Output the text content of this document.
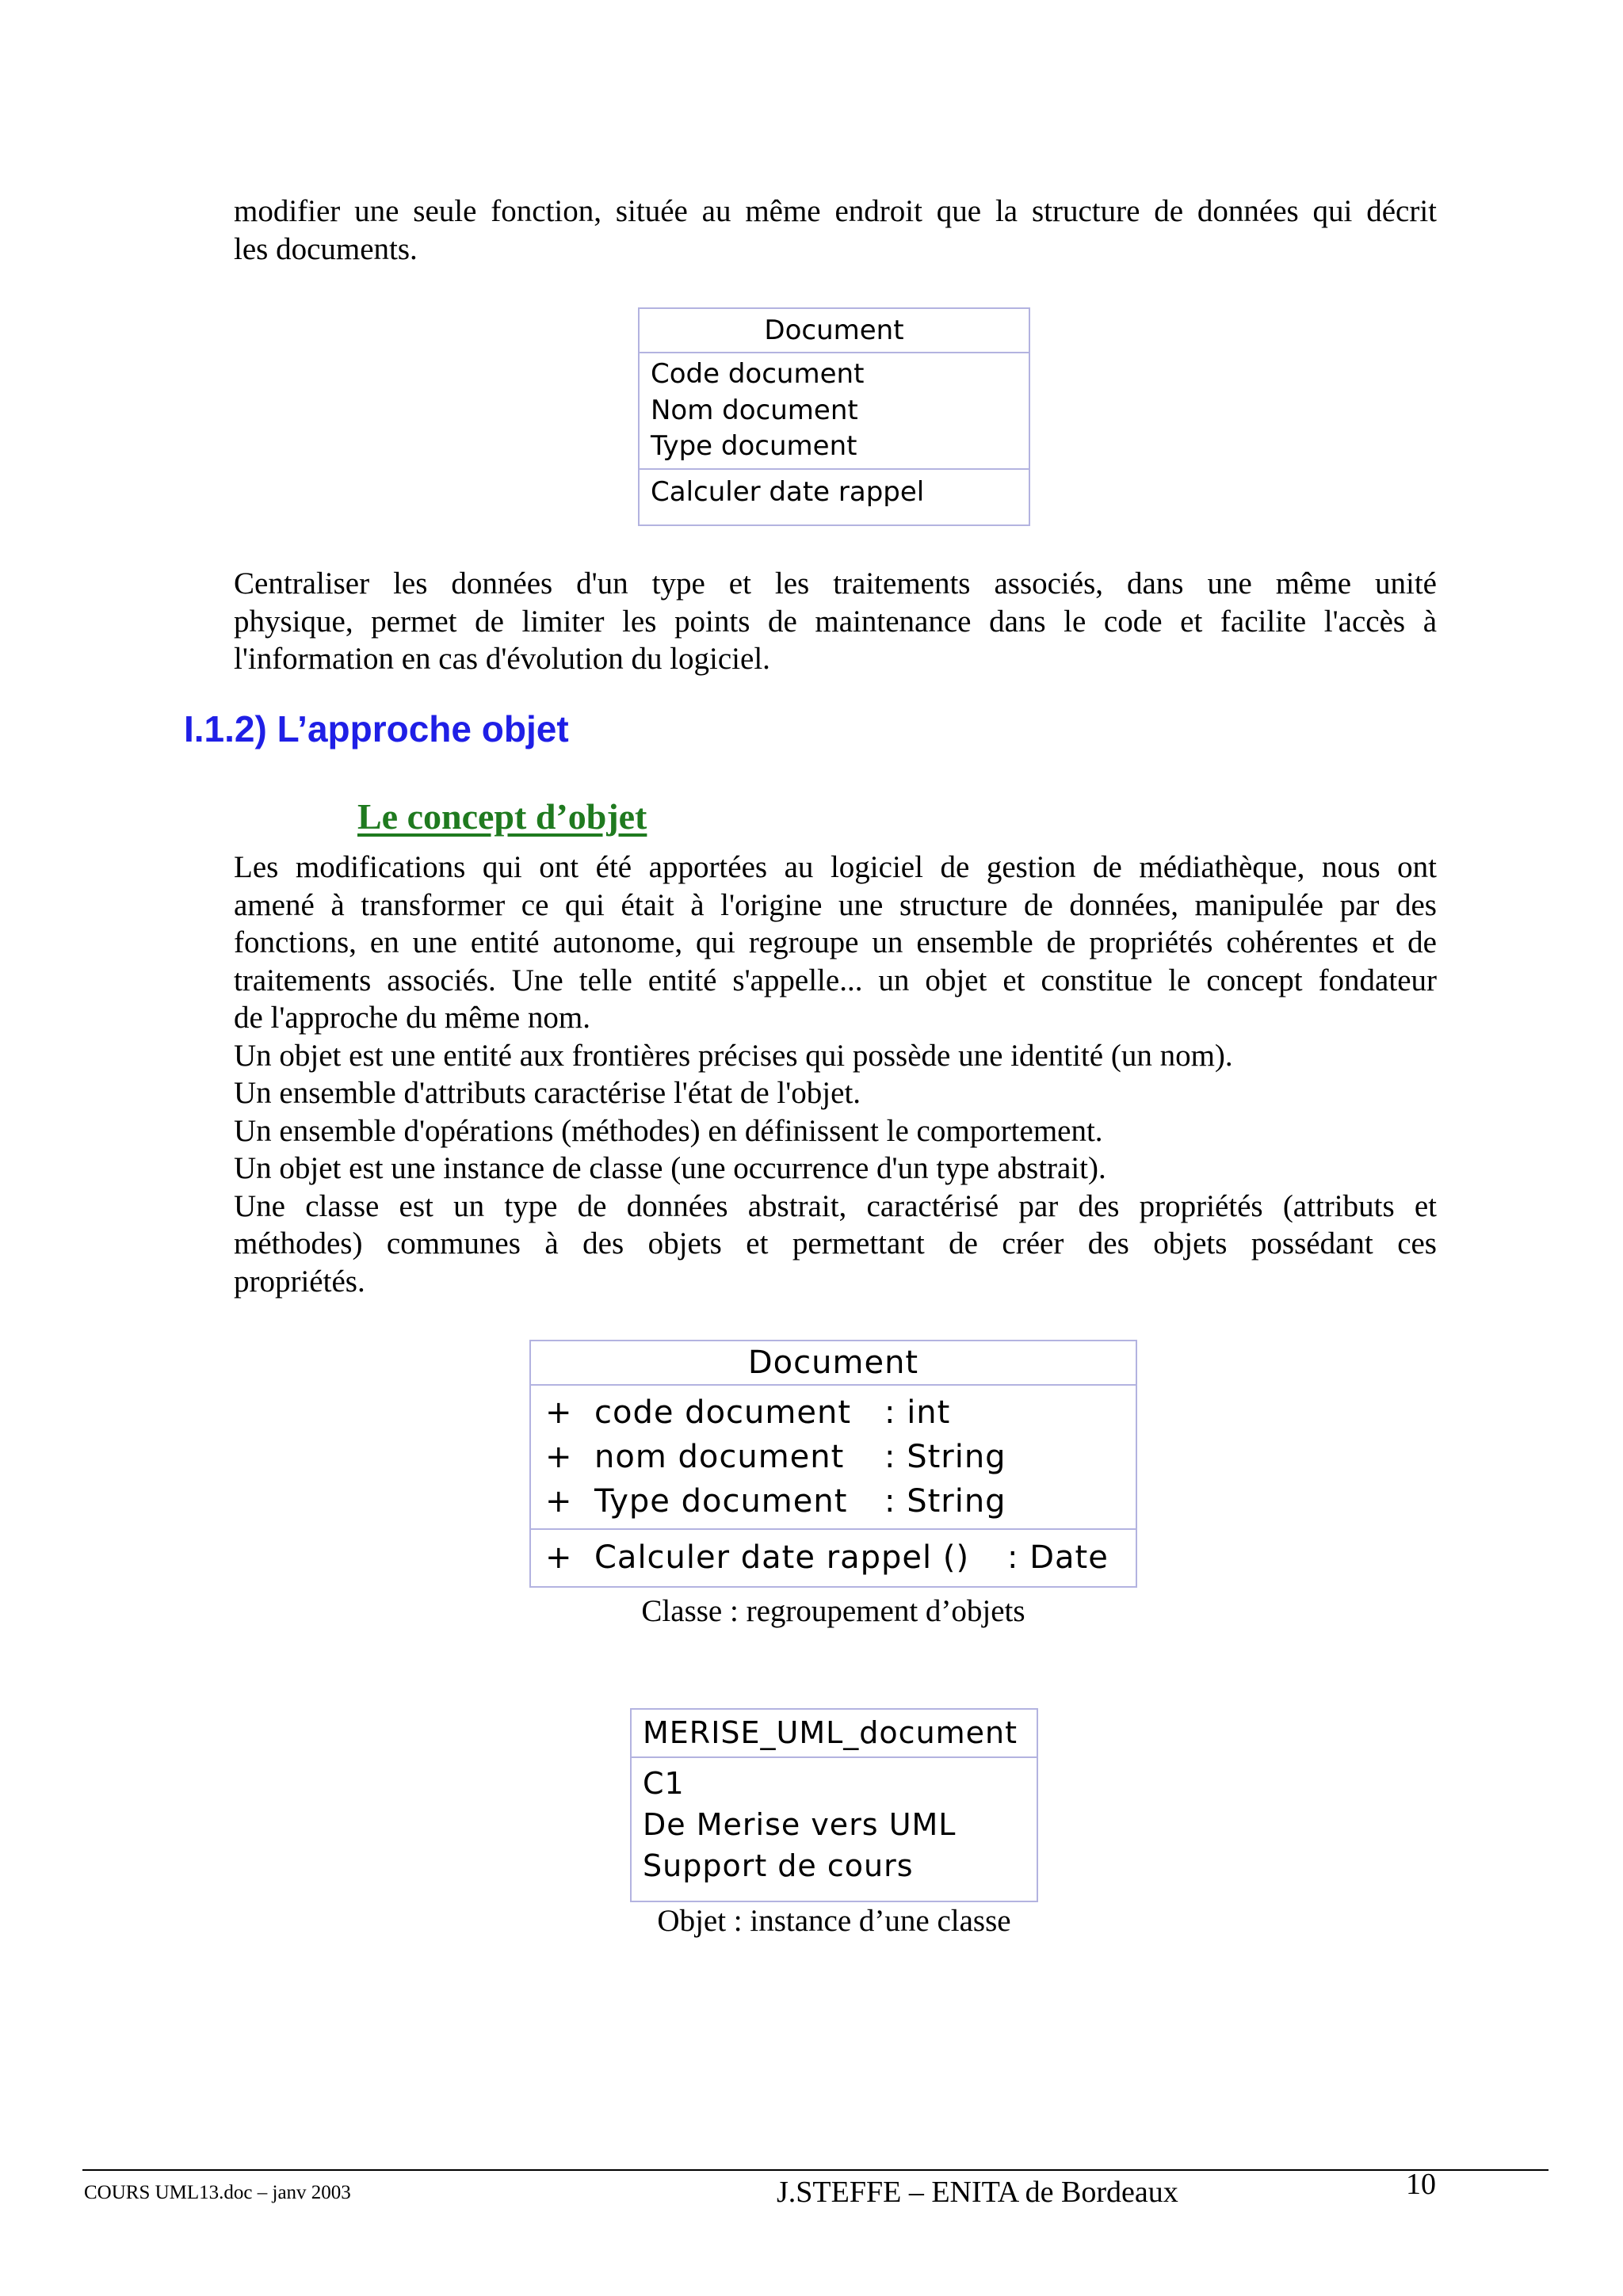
modifier une seule fonction, située au même endroit que la structure de données qui décrit
les documents.
Document
Code document
Nom document
Type document
Calculer date rappel
Centraliser les données d'un type et les traitements associés, dans une même unité
physique, permet de limiter les points de maintenance dans le code et facilite l'accès à
l'information en cas d'évolution du logiciel.
I.1.2) L’approche objet
Le concept d’objet
Les modifications qui ont été apportées au logiciel de gestion de médiathèque, nous ont
amené à transformer ce qui était à l'origine une structure de données, manipulée par des
fonctions, en une entité autonome, qui regroupe un ensemble de propriétés cohérentes et de
traitements associés. Une telle entité s'appelle... un objet et constitue le concept fondateur
de l'approche du même nom.
Un objet est une entité aux frontières précises qui possède une identité (un nom).
Un ensemble d'attributs caractérise l'état de l'objet.
Un ensemble d'opérations (méthodes) en définissent le comportement.
Un objet est une instance de classe (une occurrence d'un type abstrait).
Une classe est un type de données abstrait, caractérisé par des propriétés (attributs et
méthodes) communes à des objets et permettant de créer des objets possédant ces
propriétés.
Document
+ code document	: int
+ nom document	: String
+ Type document	: String
+ Calculer date rappel ()	: Date

Classe : regroupement d’objets

MERISE_UML_document
C1
De Merise vers UML
Support de cours

Objet : instance d’une classe

COURS UML13.doc – janv 2003	J.STEFFE – ENITA de Bordeaux	10
